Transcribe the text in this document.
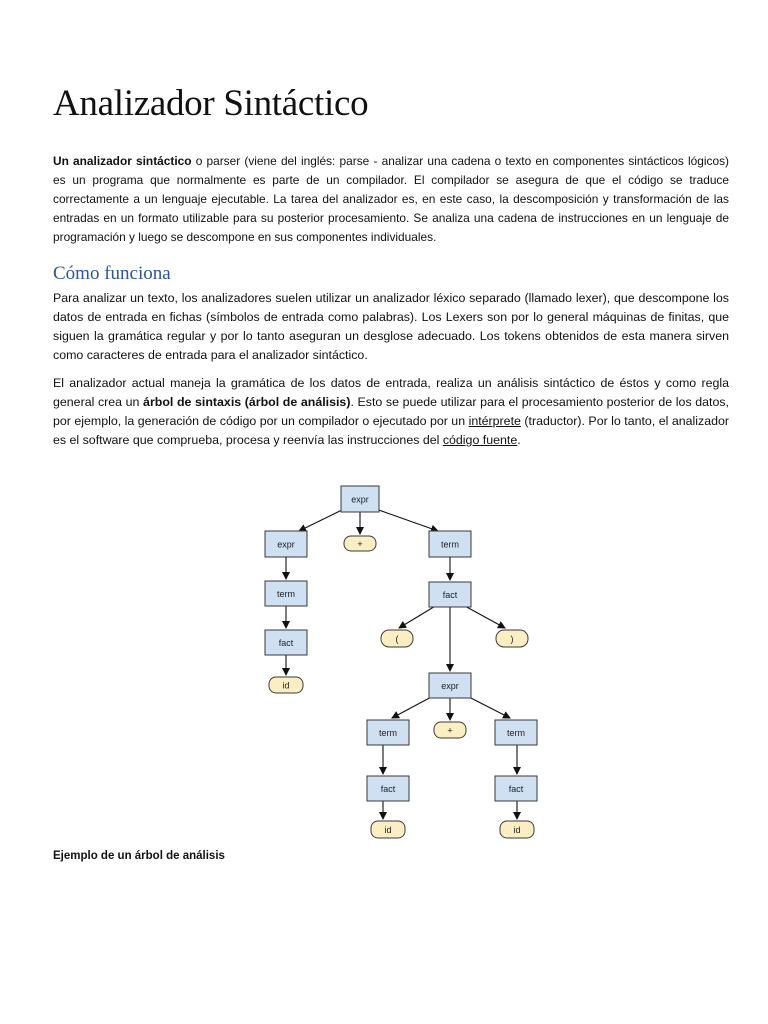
Analizador Sintáctico

Un analizador sintáctico o parser (viene del inglés: parse - analizar una cadena o texto en componentes sintácticos lógicos) es un programa que normalmente es parte de un compilador. El compilador se asegura de que el código se traduce correctamente a un lenguaje ejecutable. La tarea del analizador es, en este caso, la descomposición y transformación de las entradas en un formato utilizable para su posterior procesamiento. Se analiza una cadena de instrucciones en un lenguaje de programación y luego se descompone en sus componentes individuales.

Cómo funciona

Para analizar un texto, los analizadores suelen utilizar un analizador léxico separado (llamado lexer), que descompone los datos de entrada en fichas (símbolos de entrada como palabras). Los Lexers son por lo general máquinas de finitas, que siguen la gramática regular y por lo tanto aseguran un desglose adecuado. Los tokens obtenidos de esta manera sirven como caracteres de entrada para el analizador sintáctico.

El analizador actual maneja la gramática de los datos de entrada, realiza un análisis sintáctico de éstos y como regla general crea un árbol de sintaxis (árbol de análisis). Esto se puede utilizar para el procesamiento posterior de los datos, por ejemplo, la generación de código por un compilador o ejecutado por un intérprete (traductor). Por lo tanto, el analizador es el software que comprueba, procesa y reenvía las instrucciones del código fuente.

expr
+
expr
term
fact
id
term
fact
(	)
expr
term	+	term
fact	fact
id	id

Ejemplo de un árbol de análisis
